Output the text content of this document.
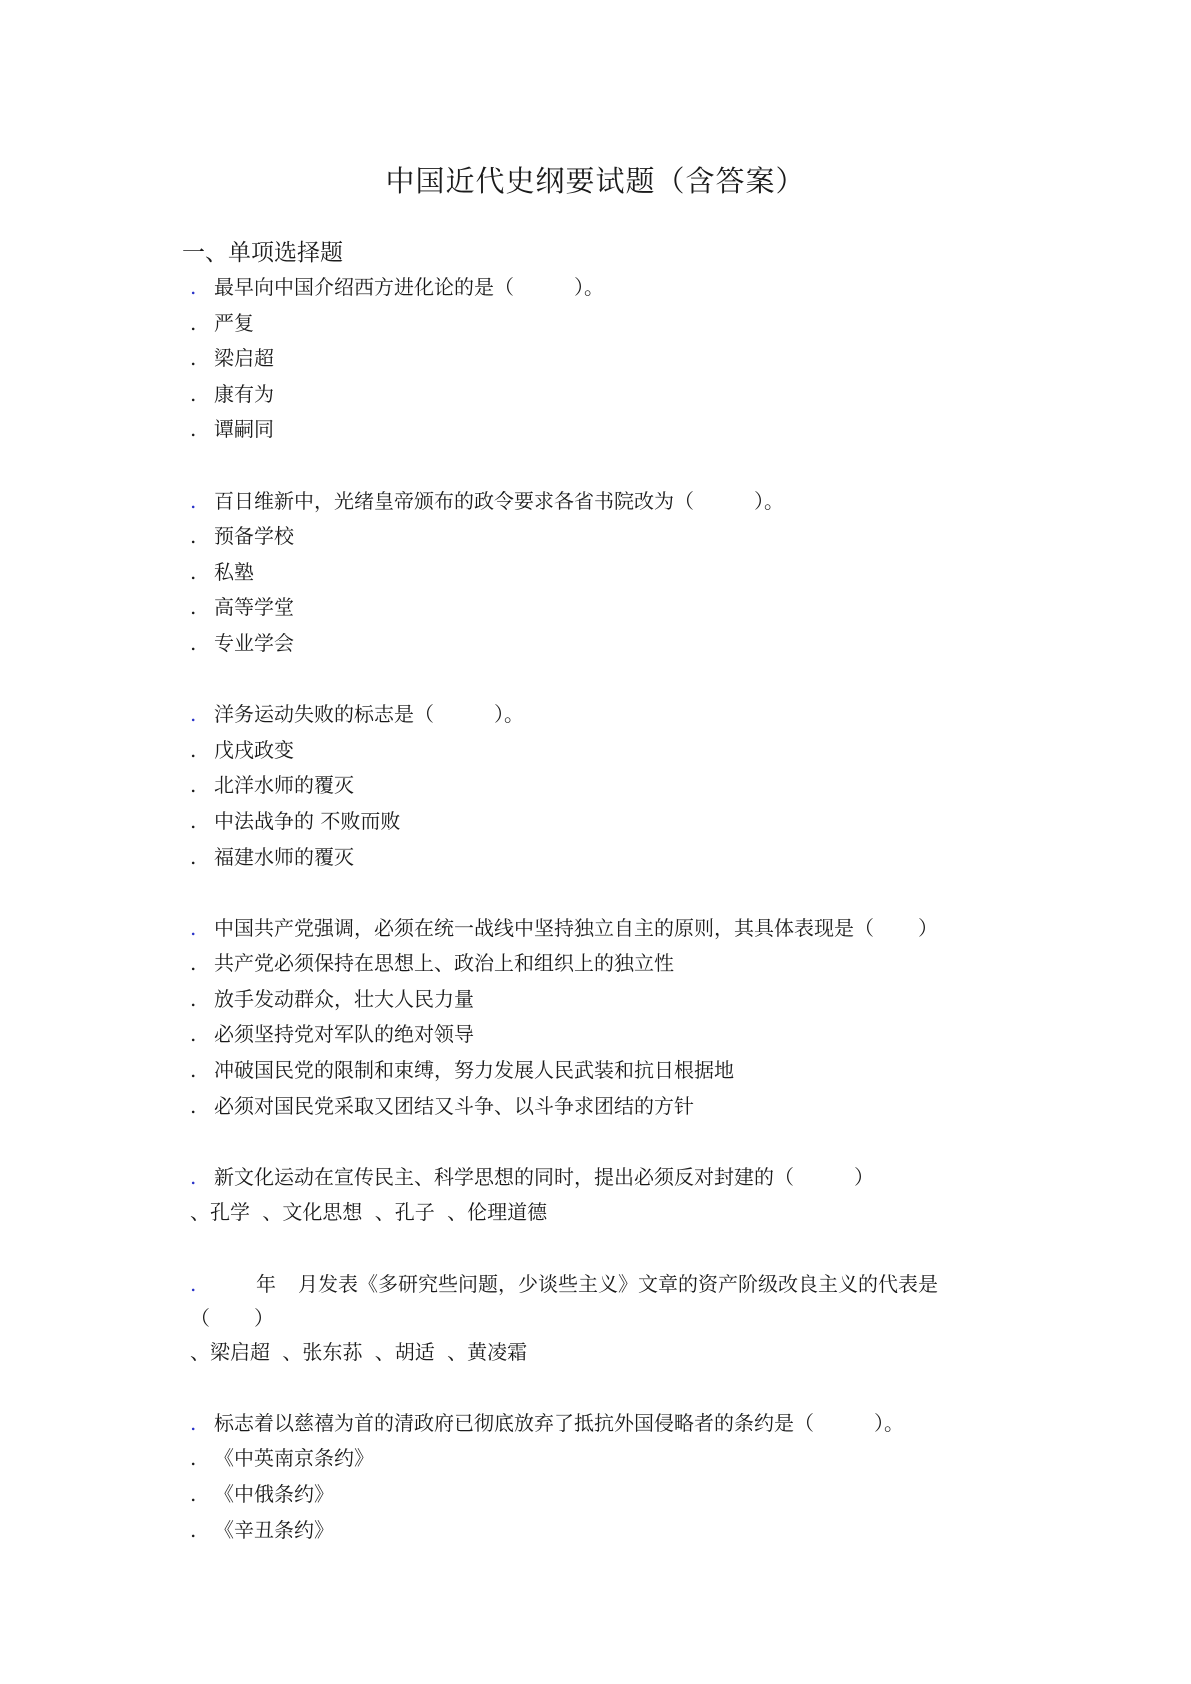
中国近代史纲要试题（含答案）
一、单项选择题
. 最早向中国介绍西方进化论的是（	）。
. 严复
. 梁启超
. 康有为
. 谭嗣同
. 百日维新中，光绪皇帝颁布的政令要求各省书院改为（	）。
. 预备学校
. 私塾
. 高等学堂
. 专业学会
. 洋务运动失败的标志是（	）。
. 戊戌政变
. 北洋水师的覆灭
. 中法战争的 不败而败
. 福建水师的覆灭
. 中国共产党强调，必须在统一战线中坚持独立自主的原则，其具体表现是（ ）
. 共产党必须保持在思想上、政治上和组织上的独立性
. 放手发动群众，壮大人民力量
. 必须坚持党对军队的绝对领导
. 冲破国民党的限制和束缚，努力发展人民武装和抗日根据地
. 必须对国民党采取又团结又斗争、以斗争求团结的方针
. 新文化运动在宣传民主、科学思想的同时，提出必须反对封建的（	）
、孔学 、文化思想 、孔子 、伦理道德
.	年 月发表《多研究些问题，少谈些主义》文章的资产阶级改良主义的代表是
（ ）
、梁启超 、张东荪 、胡适 、黄凌霜
. 标志着以慈禧为首的清政府已彻底放弃了抵抗外国侵略者的条约是（	）。
. 《中英南京条约》
. 《中俄条约》
. 《辛丑条约》
